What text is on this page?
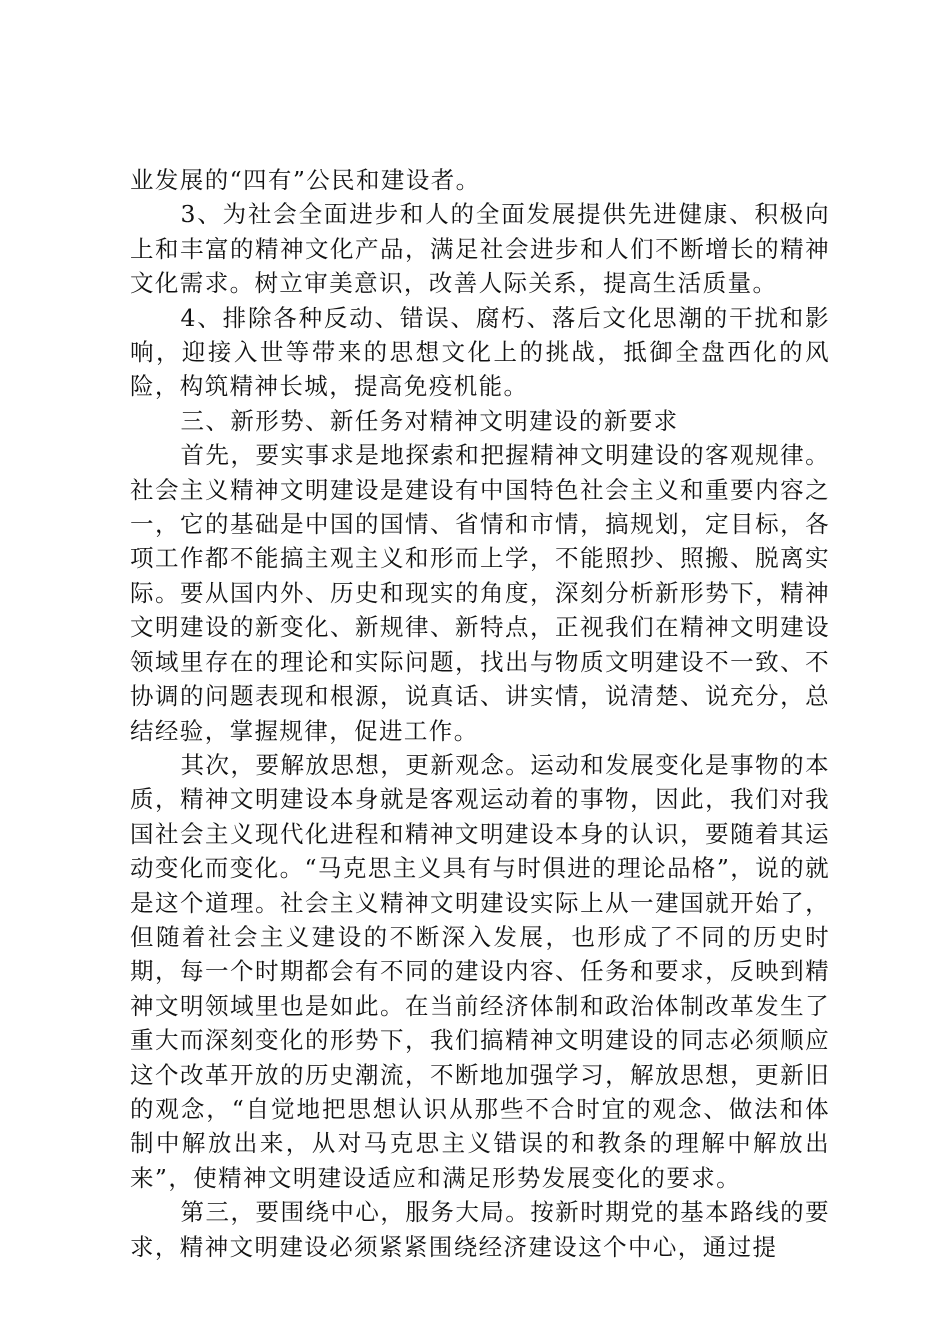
业发展的“四有”公民和建设者。

3、为社会全面进步和人的全面发展提供先进健康、积极向上和丰富的精神文化产品，满足社会进步和人们不断增长的精神文化需求。树立审美意识，改善人际关系，提高生活质量。

4、排除各种反动、错误、腐朽、落后文化思潮的干扰和影响，迎接入世等带来的思想文化上的挑战，抵御全盘西化的风险，构筑精神长城，提高免疫机能。

三、新形势、新任务对精神文明建设的新要求

首先，要实事求是地探索和把握精神文明建设的客观规律。社会主义精神文明建设是建设有中国特色社会主义和重要内容之一，它的基础是中国的国情、省情和市情，搞规划，定目标，各项工作都不能搞主观主义和形而上学，不能照抄、照搬、脱离实际。要从国内外、历史和现实的角度，深刻分析新形势下，精神文明建设的新变化、新规律、新特点，正视我们在精神文明建设领域里存在的理论和实际问题，找出与物质文明建设不一致、不协调的问题表现和根源，说真话、讲实情，说清楚、说充分，总结经验，掌握规律，促进工作。

其次，要解放思想，更新观念。运动和发展变化是事物的本质，精神文明建设本身就是客观运动着的事物，因此，我们对我国社会主义现代化进程和精神文明建设本身的认识，要随着其运动变化而变化。“马克思主义具有与时俱进的理论品格”，说的就是这个道理。社会主义精神文明建设实际上从一建国就开始了，但随着社会主义建设的不断深入发展，也形成了不同的历史时期，每一个时期都会有不同的建设内容、任务和要求，反映到精神文明领域里也是如此。在当前经济体制和政治体制改革发生了重大而深刻变化的形势下，我们搞精神文明建设的同志必须顺应这个改革开放的历史潮流，不断地加强学习，解放思想，更新旧的观念，“自觉地把思想认识从那些不合时宜的观念、做法和体制中解放出来，从对马克思主义错误的和教条的理解中解放出来”，使精神文明建设适应和满足形势发展变化的要求。

第三，要围绕中心，服务大局。按新时期党的基本路线的要求，精神文明建设必须紧紧围绕经济建设这个中心，通过提
